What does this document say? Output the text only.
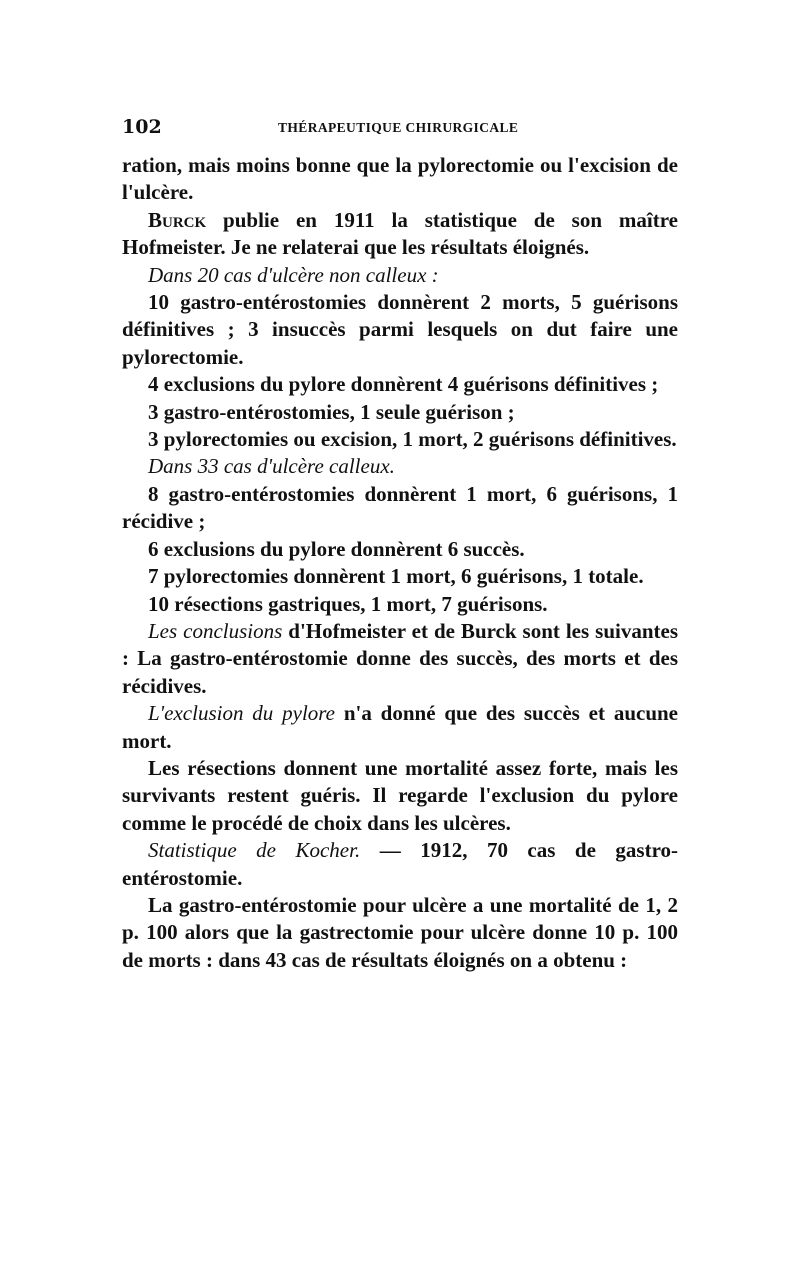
102	THÉRAPEUTIQUE CHIRURGICALE

ration, mais moins bonne que la pylorectomie ou l'excision de l'ulcère.

Burck publie en 1911 la statistique de son maître Hofmeister. Je ne relaterai que les résultats éloignés.

Dans 20 cas d'ulcère non calleux :

10 gastro-entérostomies donnèrent 2 morts, 5 guérisons définitives ; 3 insuccès parmi lesquels on dut faire une pylorectomie.

4 exclusions du pylore donnèrent 4 guérisons définitives ;

3 gastro-entérostomies, 1 seule guérison ;

3 pylorectomies ou excision, 1 mort, 2 guérisons définitives.

Dans 33 cas d'ulcère calleux.

8 gastro-entérostomies donnèrent 1 mort, 6 guérisons, 1 récidive ;

6 exclusions du pylore donnèrent 6 succès.

7 pylorectomies donnèrent 1 mort, 6 guérisons, 1 totale.

10 résections gastriques, 1 mort, 7 guérisons.

Les conclusions d'Hofmeister et de Burck sont les suivantes : La gastro-entérostomie donne des succès, des morts et des récidives.

L'exclusion du pylore n'a donné que des succès et aucune mort.

Les résections donnent une mortalité assez forte, mais les survivants restent guéris. Il regarde l'exclusion du pylore comme le procédé de choix dans les ulcères.

Statistique de Kocher. — 1912, 70 cas de gastro-entérostomie.

La gastro-entérostomie pour ulcère a une mortalité de 1, 2 p. 100 alors que la gastrectomie pour ulcère donne 10 p. 100 de morts : dans 43 cas de résultats éloignés on a obtenu :
